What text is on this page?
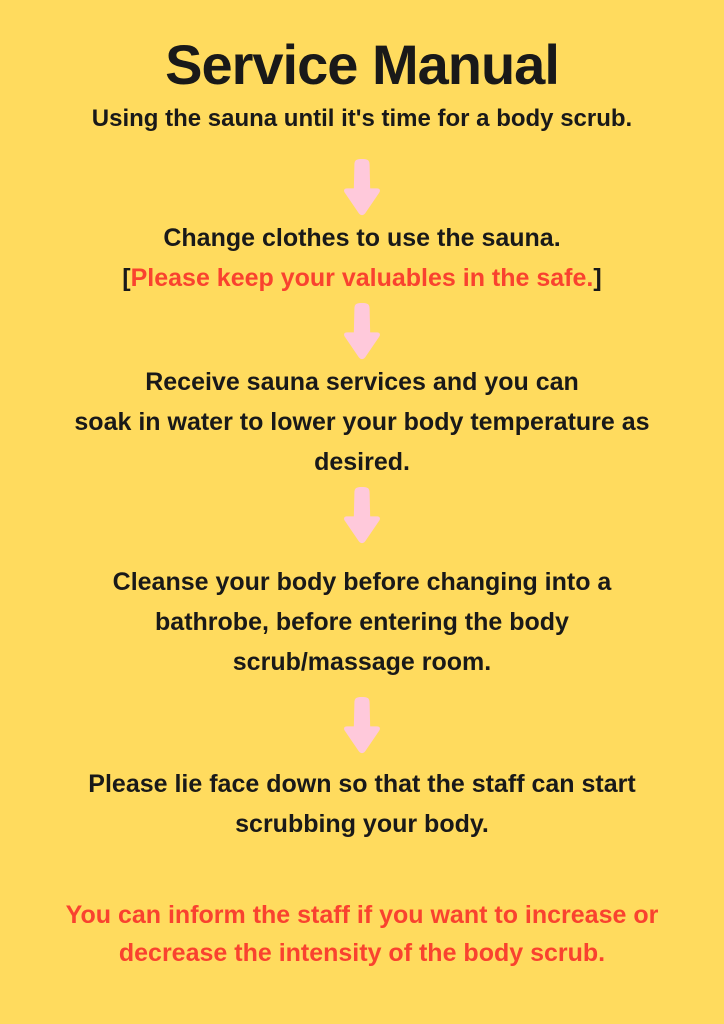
Service Manual
Using the sauna until it's time for a body scrub.
Change clothes to use the sauna.
[Please keep your valuables in the safe.]
Receive sauna services and you can
soak in water to lower your body temperature as
desired.
Cleanse your body before changing into a
bathrobe, before entering the body
scrub/massage room.
Please lie face down so that the staff can start
scrubbing your body.
You can inform the staff if you want to increase or
decrease the intensity of the body scrub.
